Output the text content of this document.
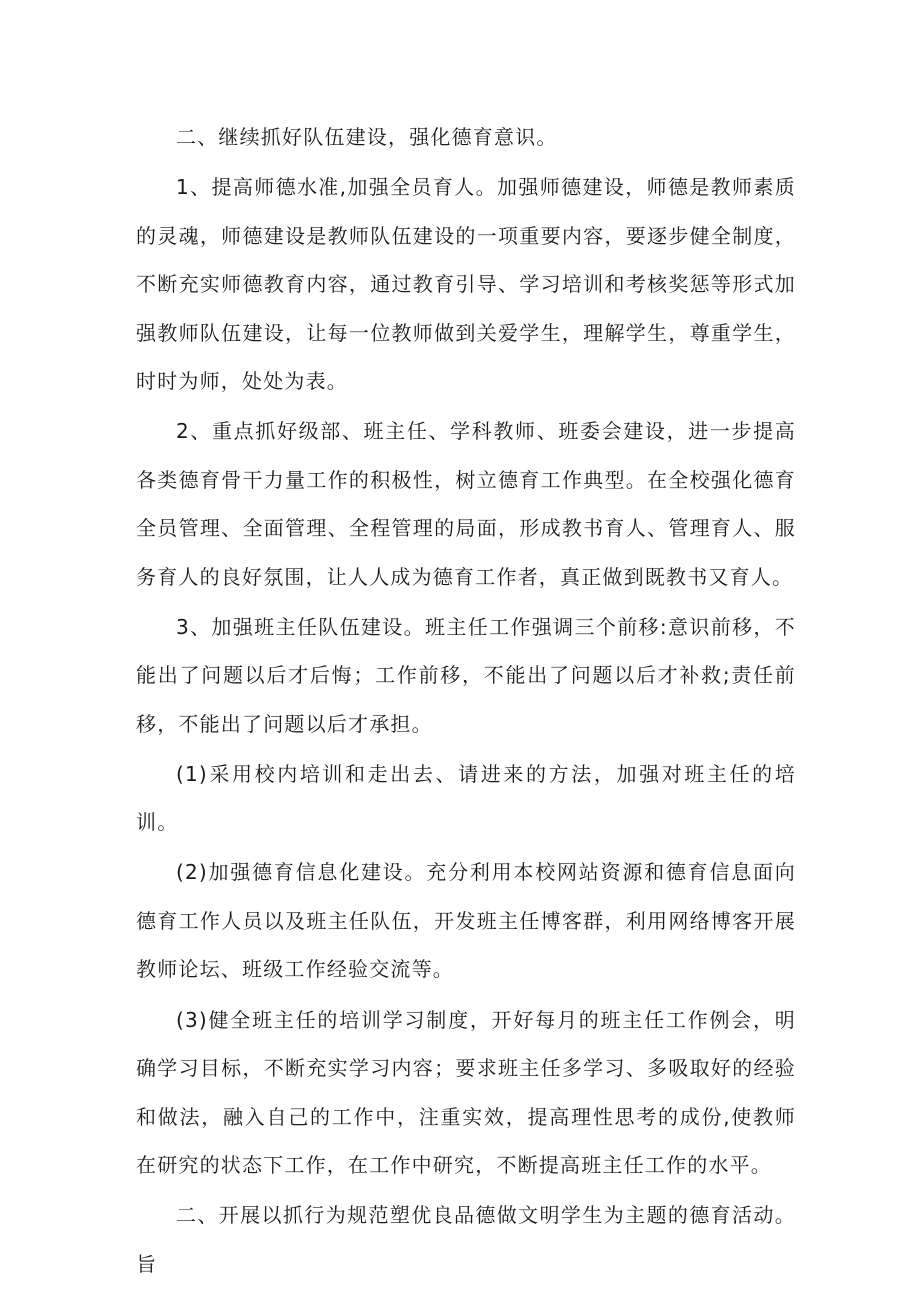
二、继续抓好队伍建设，强化德育意识。

1、提高师德水准,加强全员育人。加强师德建设，师德是教师素质的灵魂，师德建设是教师队伍建设的一项重要内容，要逐步健全制度，不断充实师德教育内容，通过教育引导、学习培训和考核奖惩等形式加强教师队伍建设，让每一位教师做到关爱学生，理解学生，尊重学生，时时为师，处处为表。

2、重点抓好级部、班主任、学科教师、班委会建设，进一步提高各类德育骨干力量工作的积极性，树立德育工作典型。在全校强化德育全员管理、全面管理、全程管理的局面，形成教书育人、管理育人、服务育人的良好氛围，让人人成为德育工作者，真正做到既教书又育人。

3、加强班主任队伍建设。班主任工作强调三个前移:意识前移，不能出了问题以后才后悔；工作前移，不能出了问题以后才补救;责任前移，不能出了问题以后才承担。

(1)采用校内培训和走出去、请进来的方法，加强对班主任的培训。

(2)加强德育信息化建设。充分利用本校网站资源和德育信息面向德育工作人员以及班主任队伍，开发班主任博客群，利用网络博客开展教师论坛、班级工作经验交流等。

(3)健全班主任的培训学习制度，开好每月的班主任工作例会，明确学习目标，不断充实学习内容；要求班主任多学习、多吸取好的经验和做法，融入自己的工作中，注重实效，提高理性思考的成份,使教师在研究的状态下工作，在工作中研究，不断提高班主任工作的水平。

二、开展以抓行为规范塑优良品德做文明学生为主题的德育活动。旨
